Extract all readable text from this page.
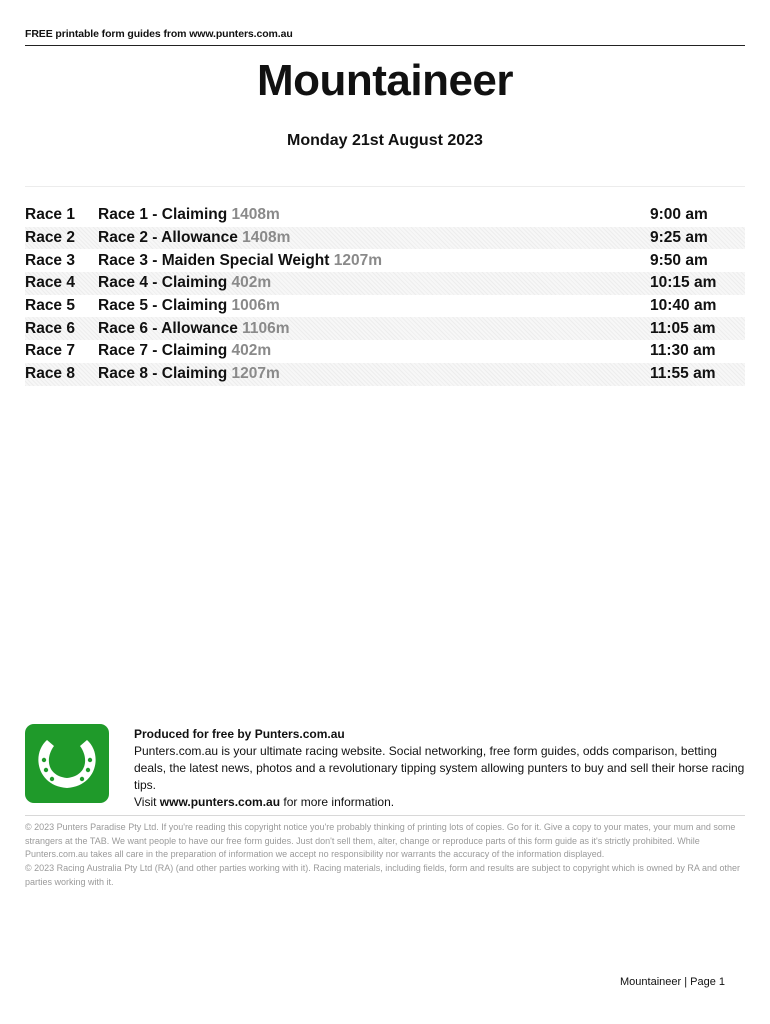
FREE printable form guides from www.punters.com.au
Mountaineer
Monday 21st August 2023
Race 1	Race 1 - Claiming 1408m	9:00 am
Race 2	Race 2 - Allowance 1408m	9:25 am
Race 3	Race 3 - Maiden Special Weight 1207m	9:50 am
Race 4	Race 4 - Claiming 402m	10:15 am
Race 5	Race 5 - Claiming 1006m	10:40 am
Race 6	Race 6 - Allowance 1106m	11:05 am
Race 7	Race 7 - Claiming 402m	11:30 am
Race 8	Race 8 - Claiming 1207m	11:55 am
Produced for free by Punters.com.au
Punters.com.au is your ultimate racing website. Social networking, free form guides, odds comparison, betting deals, the latest news, photos and a revolutionary tipping system allowing punters to buy and sell their horse racing tips.
Visit www.punters.com.au for more information.
© 2023 Punters Paradise Pty Ltd. If you're reading this copyright notice you're probably thinking of printing lots of copies. Go for it. Give a copy to your mates, your mum and some strangers at the TAB. We want people to have our free form guides. Just don't sell them, alter, change or reproduce parts of this form guide as it's strictly prohibited. While Punters.com.au takes all care in the preparation of information we accept no responsibility nor warrants the accuracy of the information displayed.
© 2023 Racing Australia Pty Ltd (RA) (and other parties working with it). Racing materials, including fields, form and results are subject to copyright which is owned by RA and other parties working with it.
Mountaineer | Page 1
